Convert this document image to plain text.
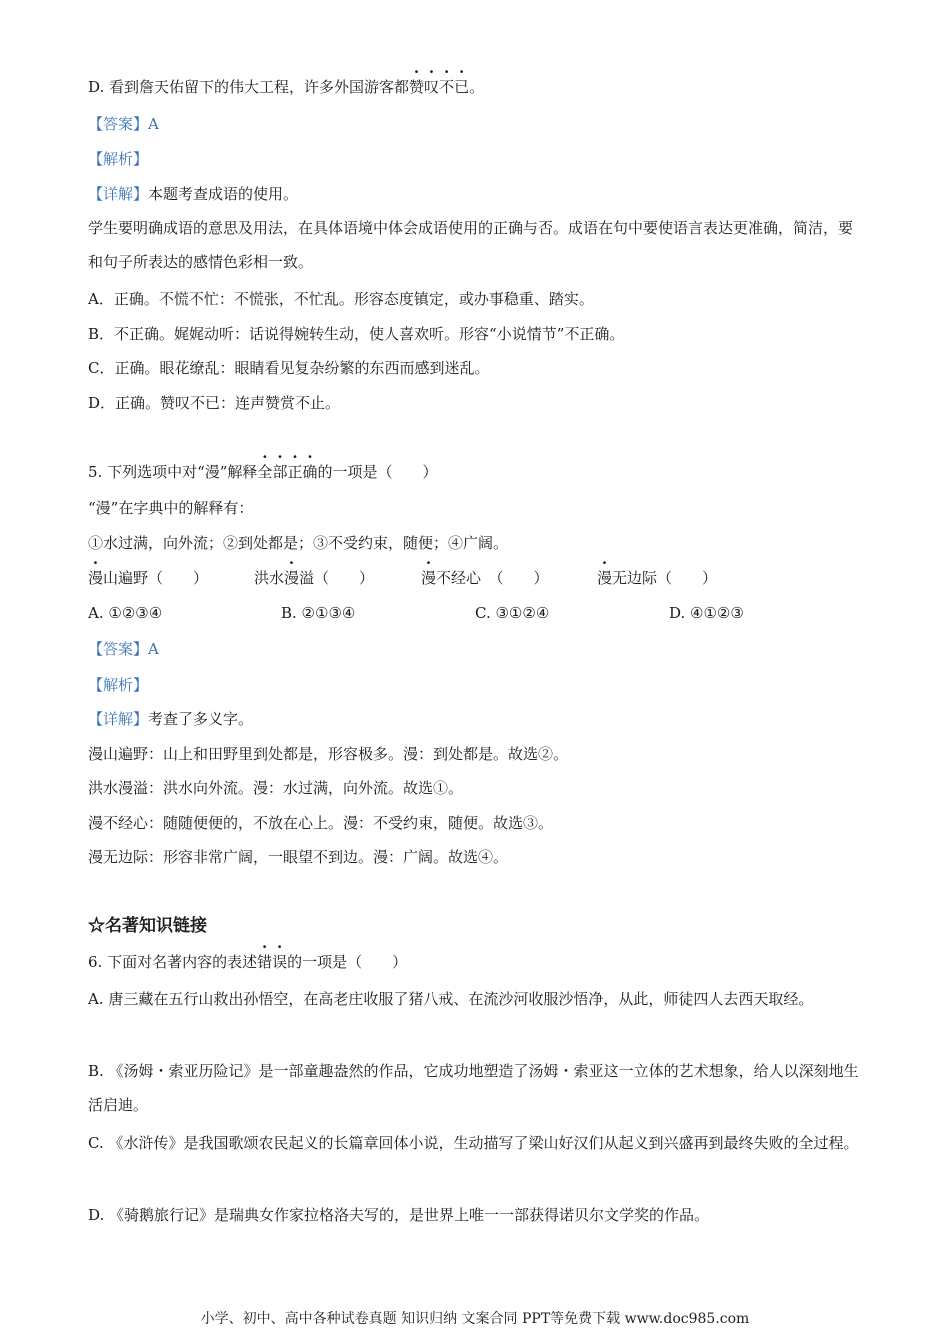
D. 看到詹天佑留下的伟大工程，许多外国游客都赞叹不已。
【答案】A
【解析】
【详解】本题考查成语的使用。
学生要明确成语的意思及用法，在具体语境中体会成语使用的正确与否。成语在句中要使语言表达更准确，简洁，要和句子所表达的感情色彩相一致。
A．正确。不慌不忙：不慌张，不忙乱。形容态度镇定，或办事稳重、踏实。
B．不正确。娓娓动听：话说得婉转生动，使人喜欢听。形容“小说情节”不正确。
C．正确。眼花缭乱：眼睛看见复杂纷繁的东西而感到迷乱。
D．正确。赞叹不已：连声赞赏不止。
5. 下列选项中对“漫”解释全部正确的一项是（　　）
“漫”在字典中的解释有：
①水过满，向外流；②到处都是；③不受约束，随便；④广阔。
漫山遍野（　　）	洪水漫溢（　　）	漫不经心　（　　）	漫无边际（　　）
A. ①②③④	B. ②①③④	C. ③①②④	D. ④①②③
【答案】A
【解析】
【详解】考查了多义字。
漫山遍野：山上和田野里到处都是，形容极多。漫：到处都是。故选②。
洪水漫溢：洪水向外流。漫：水过满，向外流。故选①。
漫不经心：随随便便的，不放在心上。漫：不受约束，随便。故选③。
漫无边际：形容非常广阔，一眼望不到边。漫：广阔。故选④。
☆名著知识链接
6. 下面对名著内容的表述错误的一项是（　　）
A. 唐三藏在五行山救出孙悟空，在高老庄收服了猪八戒、在流沙河收服沙悟净，从此，师徒四人去西天取经。
B. 《汤姆・索亚历险记》是一部童趣盎然的作品，它成功地塑造了汤姆・索亚这一立体的艺术想象，给人以深刻地生活启迪。
C. 《水浒传》是我国歌颂农民起义的长篇章回体小说，生动描写了梁山好汉们从起义到兴盛再到最终失败的全过程。
D. 《骑鹅旅行记》是瑞典女作家拉格洛夫写的，是世界上唯一一部获得诺贝尔文学奖的作品。
小学、初中、高中各种试卷真题 知识归纳 文案合同 PPT等免费下载 www.doc985.com
